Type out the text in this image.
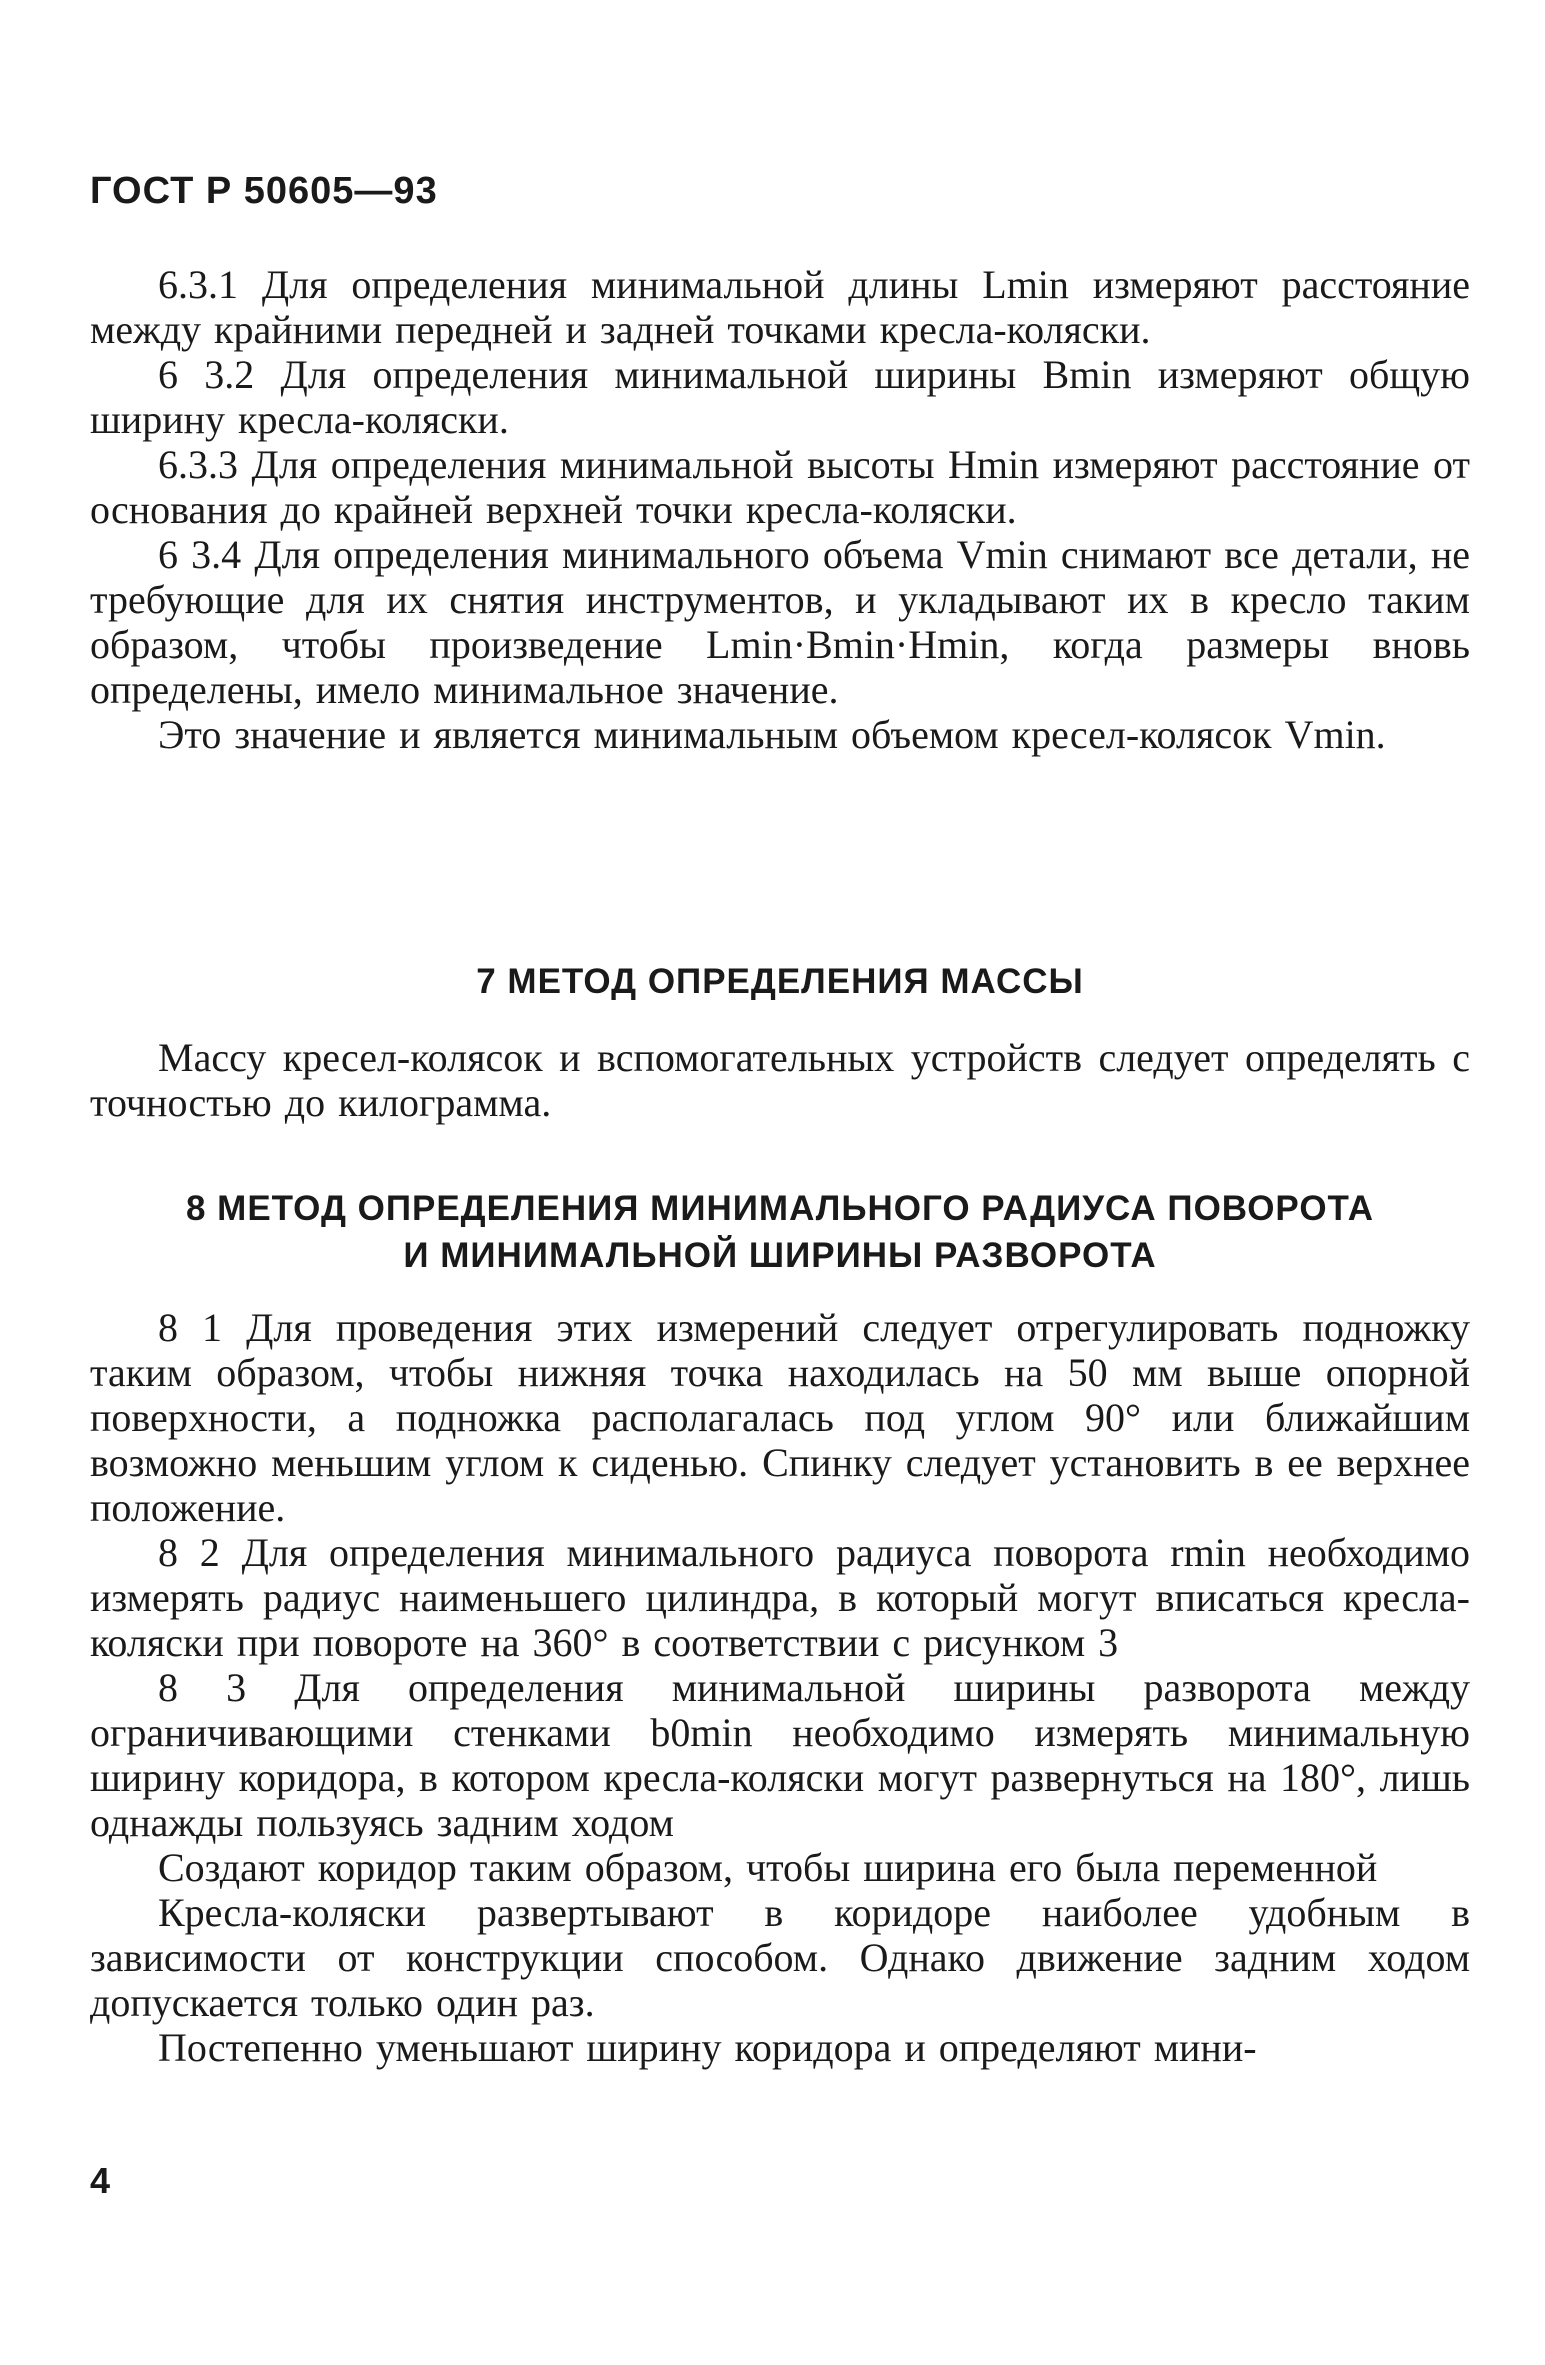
ГОСТ Р 50605—93

6.3.1 Для определения минимальной длины Lmin измеряют расстояние между крайними передней и задней точками кресла-коляски.

6 3.2 Для определения минимальной ширины Bmin измеряют общую ширину кресла-коляски.

6.3.3 Для определения минимальной высоты Hmin измеряют расстояние от основания до крайней верхней точки кресла-коляски.

6 3.4 Для определения минимального объема Vmin снимают все детали, не требующие для их снятия инструментов, и укладывают их в кресло таким образом, чтобы произведение Lmin·Bmin·Hmin, когда размеры вновь определены, имело минимальное значение.

Это значение и является минимальным объемом кресел-колясок Vmin.

7 МЕТОД ОПРЕДЕЛЕНИЯ МАССЫ

Массу кресел-колясок и вспомогательных устройств следует определять с точностью до килограмма.

8 МЕТОД ОПРЕДЕЛЕНИЯ МИНИМАЛЬНОГО РАДИУСА ПОВОРОТА
И МИНИМАЛЬНОЙ ШИРИНЫ РАЗВОРОТА

8 1 Для проведения этих измерений следует отрегулировать подножку таким образом, чтобы нижняя точка находилась на 50 мм выше опорной поверхности, а подножка располагалась под углом 90° или ближайшим возможно меньшим углом к сиденью. Спинку следует установить в ее верхнее положение.

8 2 Для определения минимального радиуса поворота rmin необходимо измерять радиус наименьшего цилиндра, в который могут вписаться кресла-коляски при повороте на 360° в соответствии с рисунком 3

8 3 Для определения минимальной ширины разворота между ограничивающими стенками b0min необходимо измерять минимальную ширину коридора, в котором кресла-коляски могут развернуться на 180°, лишь однажды пользуясь задним ходом

Создают коридор таким образом, чтобы ширина его была переменной

Кресла-коляски развертывают в коридоре наиболее удобным в зависимости от конструкции способом. Однако движение задним ходом допускается только один раз.

Постепенно уменьшают ширину коридора и определяют мини-

4
